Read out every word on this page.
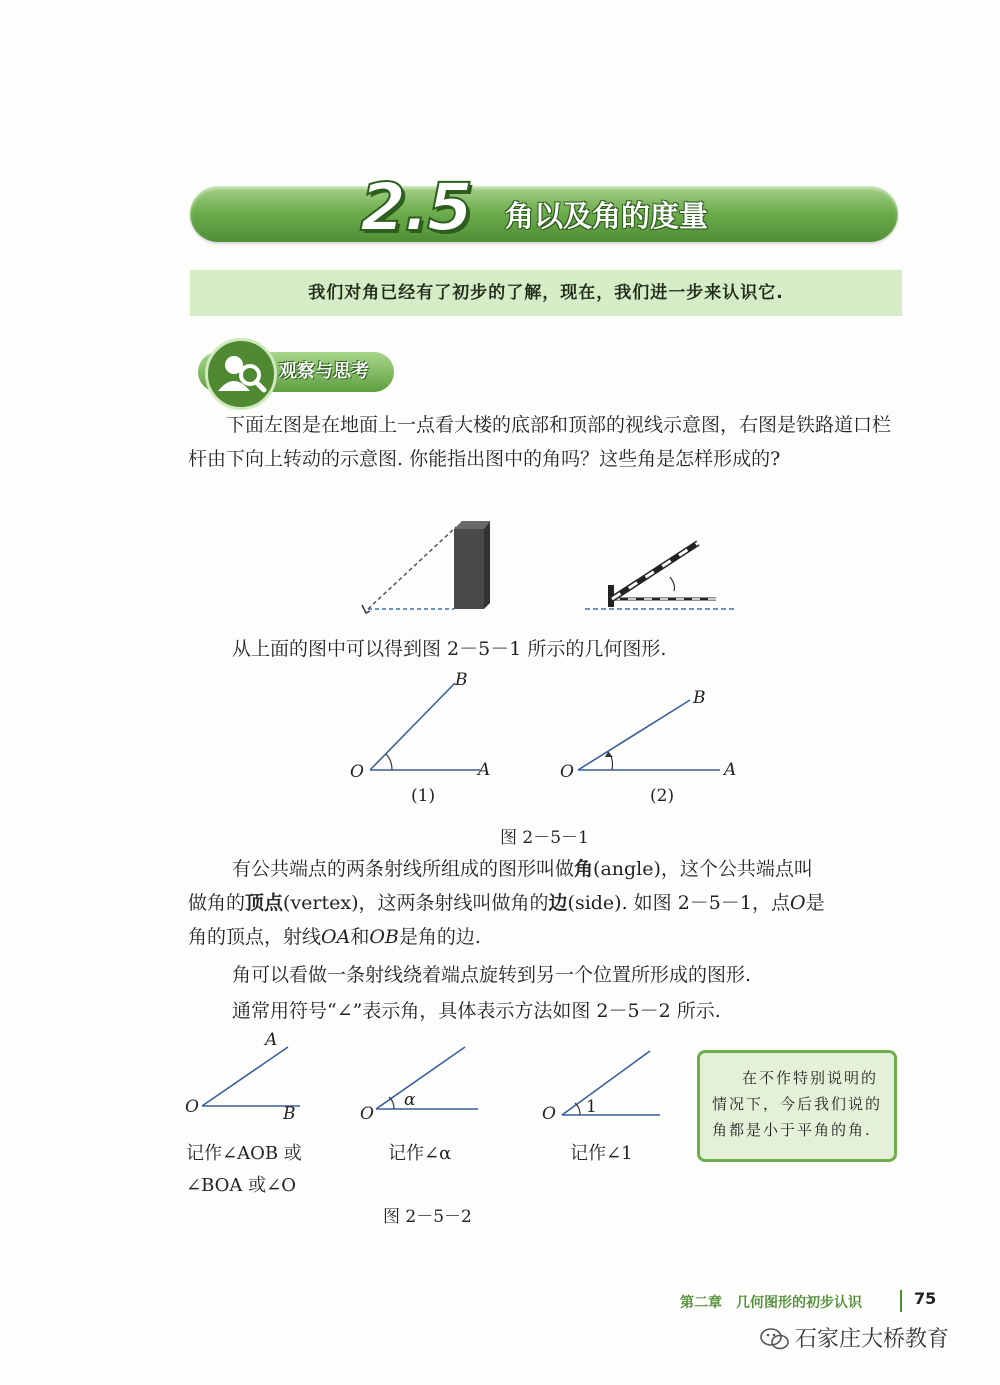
2.5 角以及角的度量
我们对角已经有了初步的了解，现在，我们进一步来认识它.
观察与思考

下面左图是在地面上一点看大楼的底部和顶部的视线示意图，右图是铁路道口栏杆由下向上转动的示意图. 你能指出图中的角吗？这些角是怎样形成的?

从上面的图中可以得到图 2－5－1 所示的几何图形.
B
O	A
B
O	A
(1)	(2)
图 2－5－1
有公共端点的两条射线所组成的图形叫做角(angle)，这个公共端点叫
做角的顶点(vertex)，这两条射线叫做角的边(side). 如图 2－5－1，点O是
角的顶点，射线OA和OB是角的边.
角可以看做一条射线绕着端点旋转到另一个位置所形成的图形.
通常用符号“∠”表示角，具体表示方法如图 2－5－2 所示.
A
O	B	O
α
O 1
记作∠AOB 或
∠BOA 或∠O
记作∠α	记作∠1
图 2－5－2
在不作特别说明的情况下，今后我们说的角都是小于平角的角.
第二章　几何图形的初步认识	75
石家庄大桥教育
